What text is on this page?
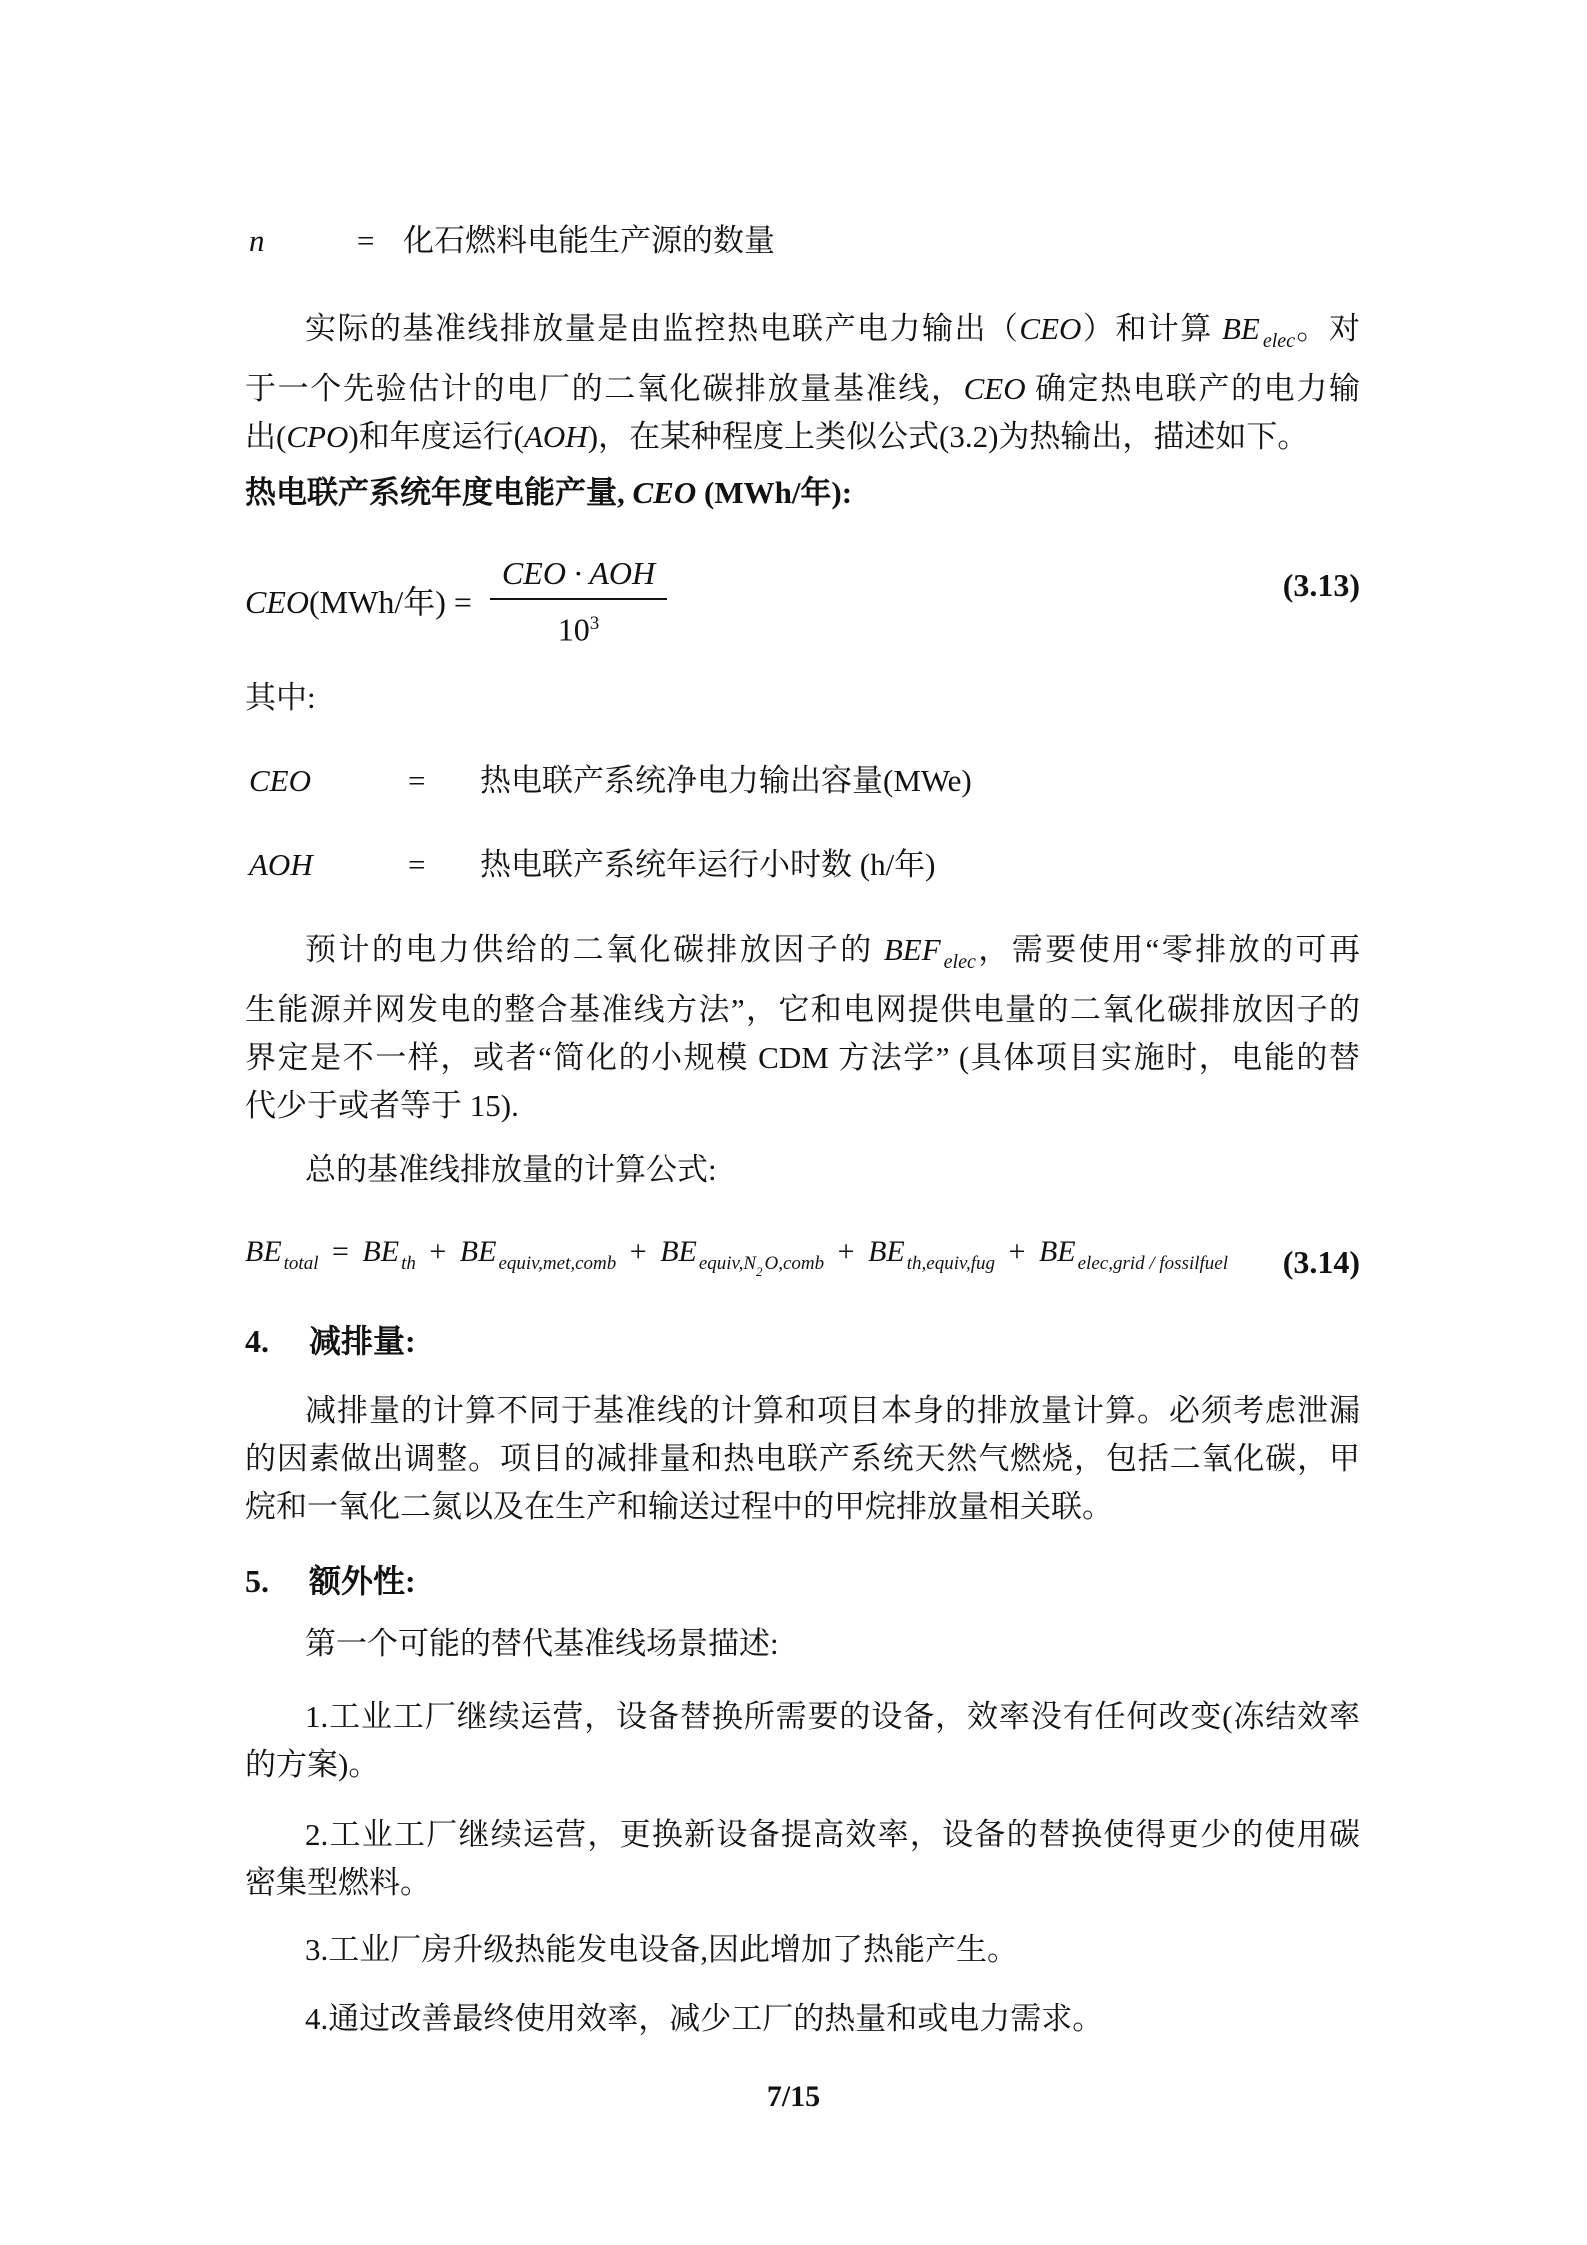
n	= 化石燃料电能生产源的数量
实际的基准线排放量是由监控热电联产电力输出（CEO）和计算 BE $_{elec}$。对
于一个先验估计的电厂的二氧化碳排放量基准线，CEO 确定热电联产的电力输
出(CPO)和年度运行(AOH)，在某种程度上类似公式(3.2)为热输出，描述如下。
热电联产系统年度电能产量, CEO (MWh/年):
CEO(MWh/年) = $\frac{\text{CEO · AOH}}{10^3}$	(3.13)
其中:
CEO	=	热电联产系统净电力输出容量(MWe)
AOH	=	热电联产系统年运行小时数 (h/年)
预计的电力供给的二氧化碳排放因子的 BEF $_{elec}$，需要使用“零排放的可再
生能源并网发电的整合基准线方法”，它和电网提供电量的二氧化碳排放因子的
界定是不一样，或者“简化的小规模 CDM 方法学” (具体项目实施时，电能的替
代少于或者等于 15).
总的基准线排放量的计算公式:
BE $_{total}$ = BE $_{th}$ + BE $_{equiv,met,comb}$ + BE $_{equiv,N2}$ $_{O,comb}$ + BE $_{th,equiv,fug}$ + BE $_{elec,grid / fossilfuel}$ (3.14)
4. 减排量:
减排量的计算不同于基准线的计算和项目本身的排放量计算。必须考虑泄漏
的因素做出调整。项目的减排量和热电联产系统天然气燃烧，包括二氧化碳，甲
烷和一氧化二氮以及在生产和输送过程中的甲烷排放量相关联。
5. 额外性:
第一个可能的替代基准线场景描述:
1.工业工厂继续运营，设备替换所需要的设备，效率没有任何改变(冻结效率
的方案)。
2.工业工厂继续运营，更换新设备提高效率，设备的替换使得更少的使用碳
密集型燃料。
3.工业厂房升级热能发电设备,因此增加了热能产生。
4.通过改善最终使用效率，减少工厂的热量和或电力需求。
7/15
